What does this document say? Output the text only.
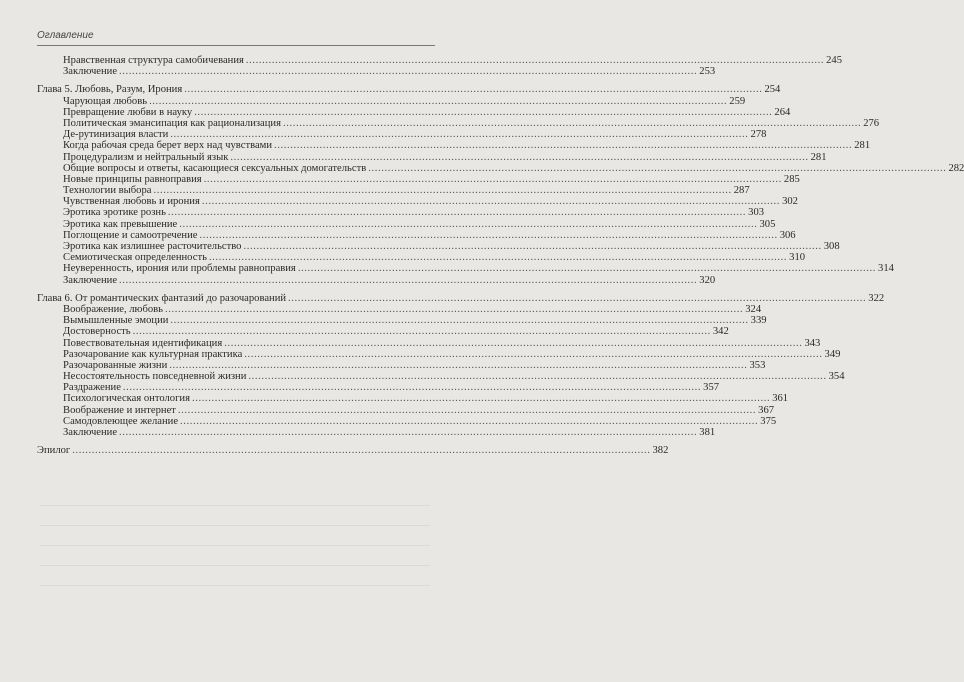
Оглавление
Нравственная структура самобичевания .....	245
Заключение .....	253
Глава 5. Любовь, Разум, Ирония .....	254
Чарующая любовь .....	259
Превращение любви в науку .....	264
Политическая эмансипация как рационализация .....	276
Де-рутинизация власти .....	278
Когда рабочая среда берет верх над чувствами .....	281
Процедурализм и нейтральный язык .....	281
Общие вопросы и ответы, касающиеся сексуальных домогательств .....	282
Новые принципы равноправия .....	285
Технологии выбора .....	287
Чувственная любовь и ирония .....	302
Эротика эротике рознь .....	303
Эротика как превышение .....	305
Поглощение и самоотречение .....	306
Эротика как излишнее расточительство .....	308
Семиотическая определенность .....	310
Неуверенность, ирония или проблемы равноправия .....	314
Заключение .....	320
Глава 6. От романтических фантазий до разочарований .....	322
Воображение, любовь .....	324
Вымышленные эмоции .....	339
Достоверность .....	342
Повествовательная идентификация .....	343
Разочарование как культурная практика .....	349
Разочарованные жизни .....	353
Несостоятельность повседневной жизни .....	354
Раздражение .....	357
Психологическая онтология .....	361
Воображение и интернет .....	367
Самодовлеющее желание .....	375
Заключение .....	381
Эпилог .....	382
